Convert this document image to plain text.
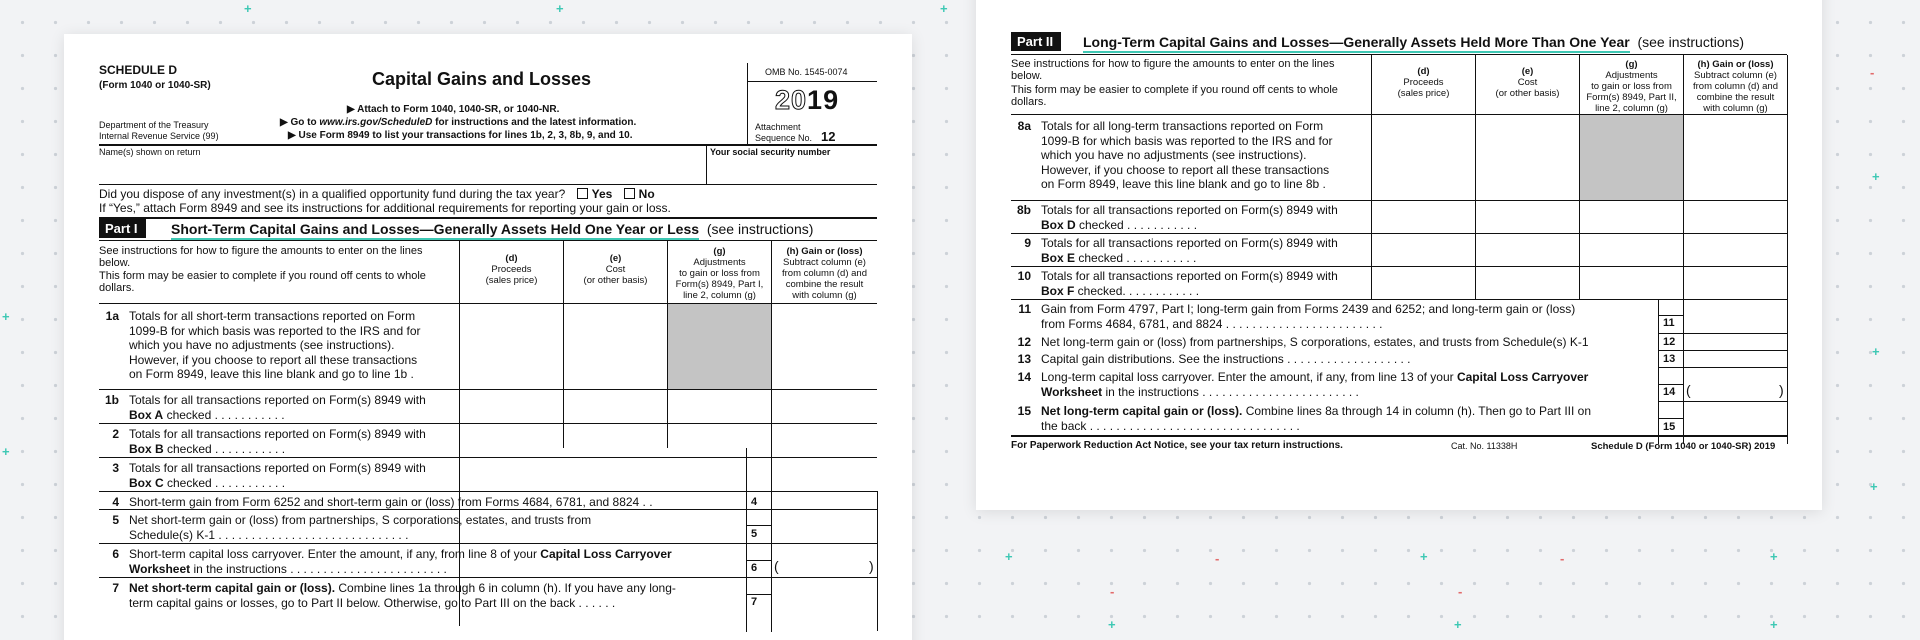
+	+	+
-
+
+
+
+
+
+	-	+	-	+
-	-
+	+	+
SCHEDULE D
(Form 1040 or 1040-SR)
Department of the Treasury
Internal Revenue Service (99)
Capital Gains and Losses
▶ Attach to Form 1040, 1040-SR, or 1040-NR.
▶ Go to www.irs.gov/ScheduleD for instructions and the latest information.
▶ Use Form 8949 to list your transactions for lines 1b, 2, 3, 8b, 9, and 10.
OMB No. 1545-0074
2019
Attachment
Sequence No. 12
Name(s) shown on return	Your social security number
Did you dispose of any investment(s) in a qualified opportunity fund during the tax year? Yes No
If “Yes,” attach Form 8949 and see its instructions for additional requirements for reporting your gain or loss.
Part I	Short-Term Capital Gains and Losses—Generally Assets Held One Year or Less (see instructions)
See instructions for how to figure the amounts to enter on the lines below.
This form may be easier to complete if you round off cents to whole dollars.
(d)
Proceeds
(sales price)
(e)
Cost
(or other basis)
(g)
Adjustments
to gain or loss from
Form(s) 8949, Part I,
line 2, column (g)
(h) Gain or (loss)
Subtract column (e)
from column (d) and
combine the result
with column (g)
1a Totals for all short-term transactions reported on Form
1099-B for which basis was reported to the IRS and for
which you have no adjustments (see instructions).
However, if you choose to report all these transactions
on Form 8949, leave this line blank and go to line 1b .
1b Totals for all transactions reported on Form(s) 8949 with
Box A checked . . . . . . . . . . .
2 Totals for all transactions reported on Form(s) 8949 with
Box B checked . . . . . . . . . . .
3 Totals for all transactions reported on Form(s) 8949 with
Box C checked . . . . . . . . . . .
4 Short-term gain from Form 6252 and short-term gain or (loss) from Forms 4684, 6781, and 8824 . .	4
5 Net short-term gain or (loss) from partnerships, S corporations, estates, and trusts from
Schedule(s) K-1 . . . . . . . . . . . . . . . . . . . . . . . . . . . . .	5
6 Short-term capital loss carryover. Enter the amount, if any, from line 8 of your Capital Loss Carryover
Worksheet in the instructions . . . . . . . . . . . . . . . . . . . . . . . .	6 (	)
7 Net short-term capital gain or (loss). Combine lines 1a through 6 in column (h). If you have any long-
term capital gains or losses, go to Part II below. Otherwise, go to Part III on the back . . . . . .	7
Part II	Long-Term Capital Gains and Losses—Generally Assets Held More Than One Year (see instructions)
See instructions for how to figure the amounts to enter on the lines below.
This form may be easier to complete if you round off cents to whole dollars.
(d)
Proceeds
(sales price)
(e)
Cost
(or other basis)
(g)
Adjustments
to gain or loss from
Form(s) 8949, Part II,
line 2, column (g)
(h) Gain or (loss)
Subtract column (e)
from column (d) and
combine the result
with column (g)
8a Totals for all long-term transactions reported on Form
1099-B for which basis was reported to the IRS and for
which you have no adjustments (see instructions).
However, if you choose to report all these transactions
on Form 8949, leave this line blank and go to line 8b .
8b Totals for all transactions reported on Form(s) 8949 with
Box D checked . . . . . . . . . . .
9 Totals for all transactions reported on Form(s) 8949 with
Box E checked . . . . . . . . . . .
10 Totals for all transactions reported on Form(s) 8949 with
Box F checked. . . . . . . . . . . .
11 Gain from Form 4797, Part I; long-term gain from Forms 2439 and 6252; and long-term gain or (loss)
from Forms 4684, 6781, and 8824 . . . . . . . . . . . . . . . . . . . . . . . .	11
12 Net long-term gain or (loss) from partnerships, S corporations, estates, and trusts from Schedule(s) K-1	12
13 Capital gain distributions. See the instructions . . . . . . . . . . . . . . . . . . .	13
14 Long-term capital loss carryover. Enter the amount, if any, from line 13 of your Capital Loss Carryover
Worksheet in the instructions . . . . . . . . . . . . . . . . . . . . . . . .	14 (	)
15 Net long-term capital gain or (loss). Combine lines 8a through 14 in column (h). Then go to Part III on
the back . . . . . . . . . . . . . . . . . . . . . . . . . . . . . . . .	15
For Paperwork Reduction Act Notice, see your tax return instructions.	Cat. No. 11338H	Schedule D (Form 1040 or 1040-SR) 2019
